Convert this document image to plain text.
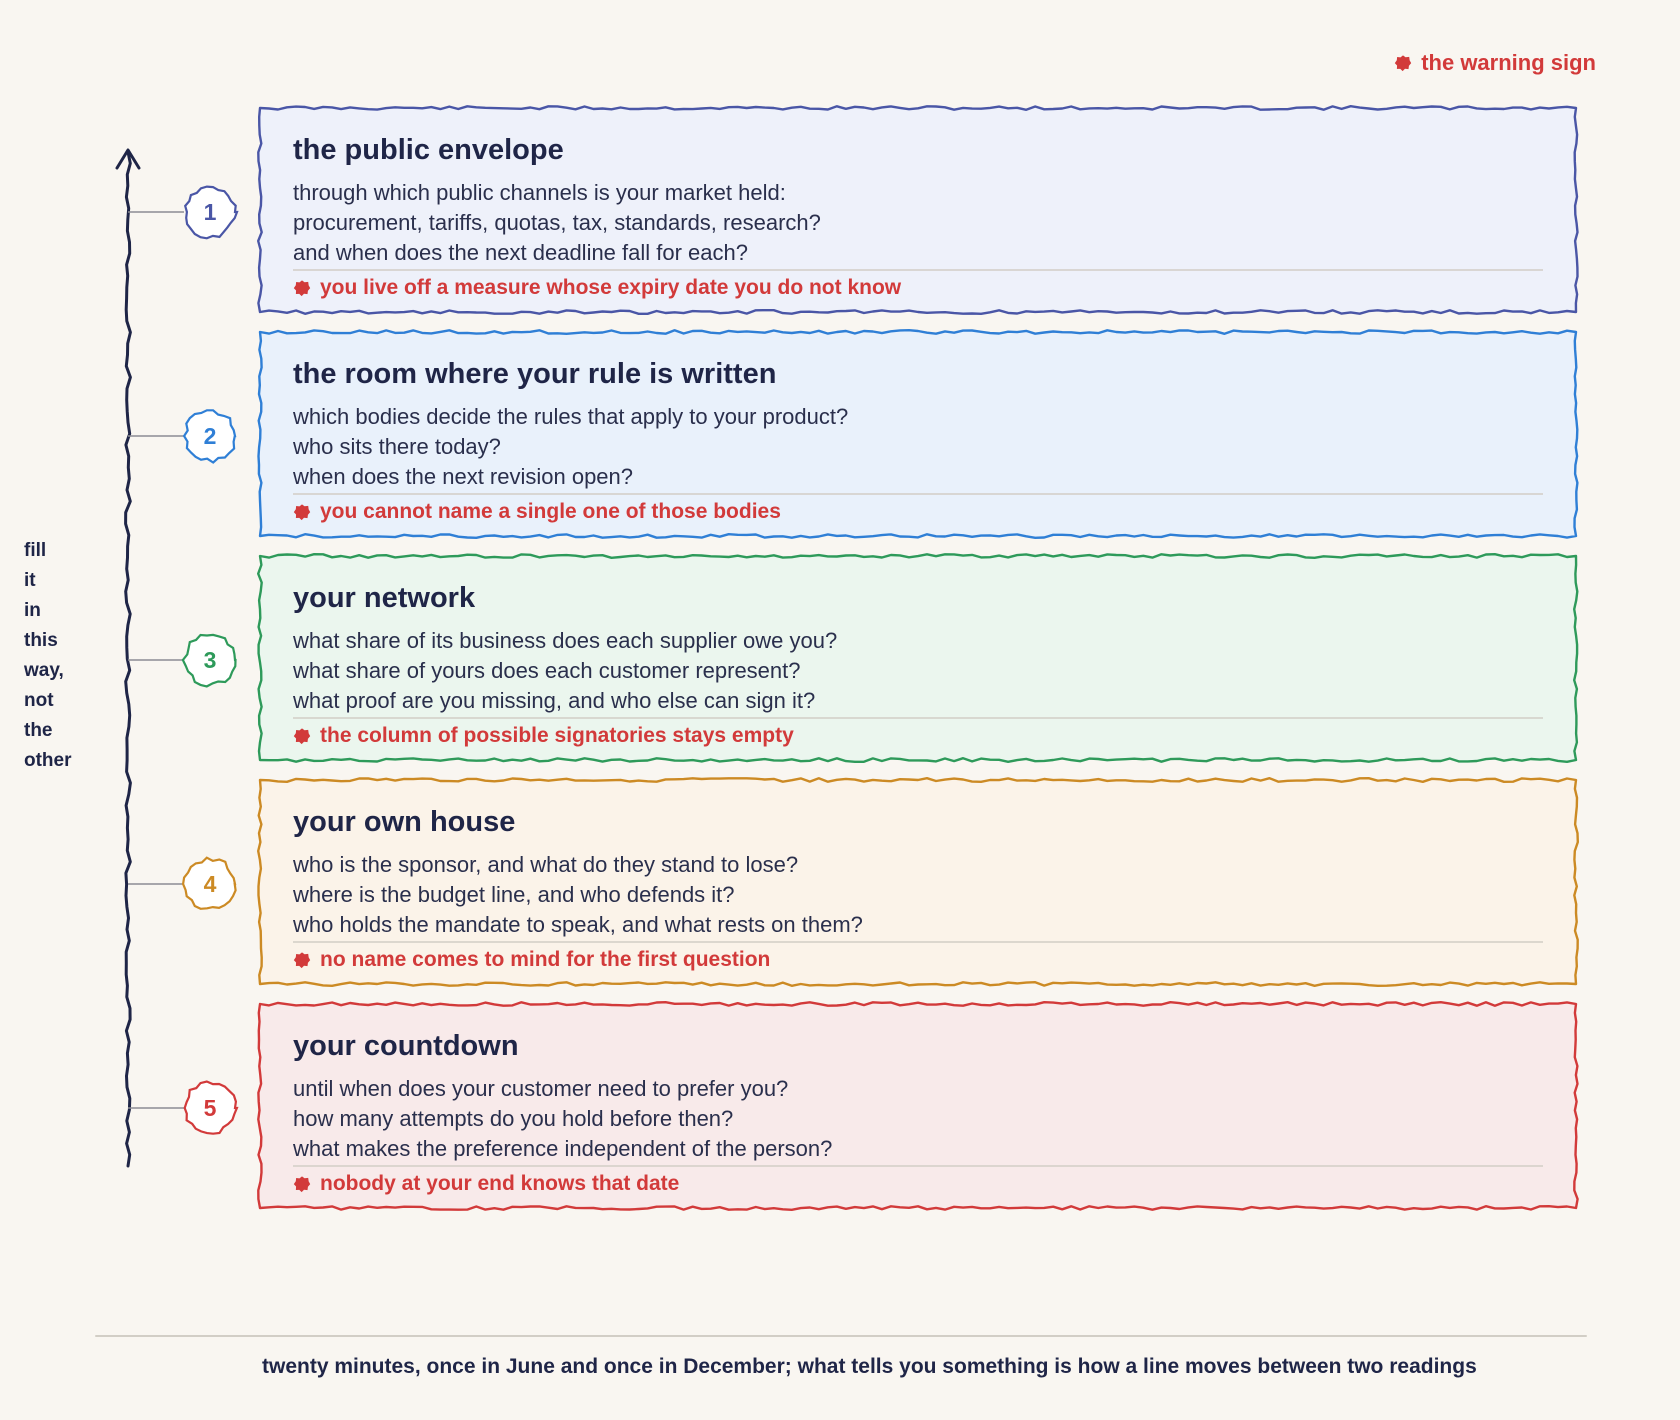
the warning sign
fill
it
in
this
way,
not
the
other
1
the public envelope
through which public channels is your market held:
procurement, tariffs, quotas, tax, standards, research?
and when does the next deadline fall for each?
you live off a measure whose expiry date you do not know
2
the room where your rule is written
which bodies decide the rules that apply to your product?
who sits there today?
when does the next revision open?
you cannot name a single one of those bodies
3
your network
what share of its business does each supplier owe you?
what share of yours does each customer represent?
what proof are you missing, and who else can sign it?
the column of possible signatories stays empty
4
your own house
who is the sponsor, and what do they stand to lose?
where is the budget line, and who defends it?
who holds the mandate to speak, and what rests on them?
no name comes to mind for the first question
5
your countdown
until when does your customer need to prefer you?
how many attempts do you hold before then?
what makes the preference independent of the person?
nobody at your end knows that date
twenty minutes, once in June and once in December; what tells you something is how a line moves between two readings
